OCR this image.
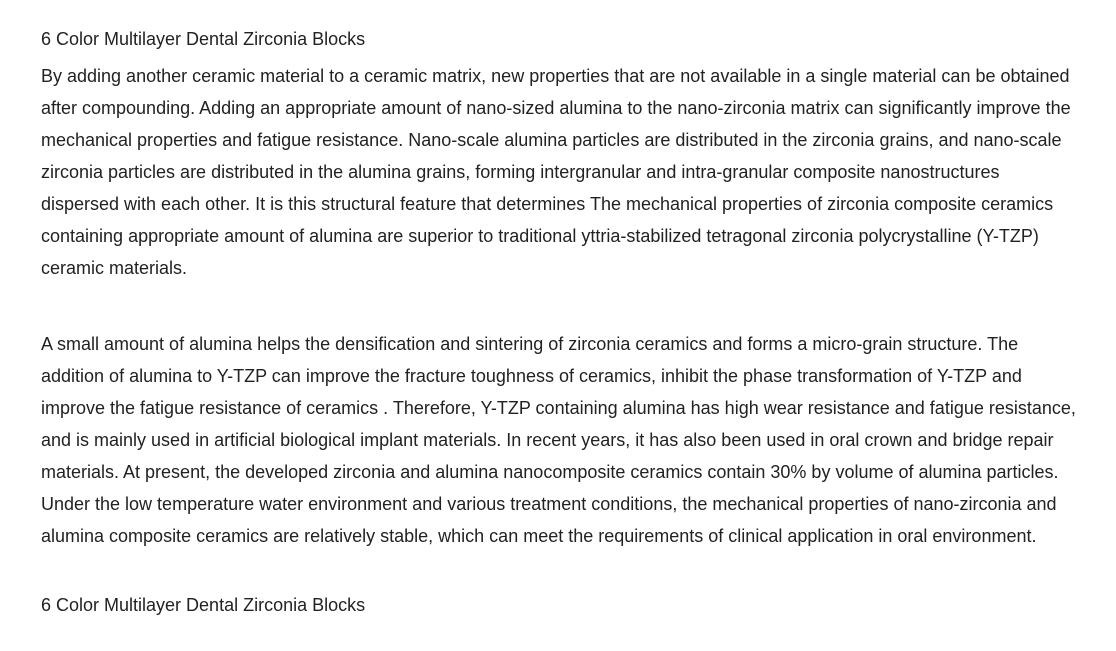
6 Color Multilayer Dental Zirconia Blocks

By adding another ceramic material to a ceramic matrix, new properties that are not available in a single material can be obtained after compounding. Adding an appropriate amount of nano-sized alumina to the nano-zirconia matrix can significantly improve the mechanical properties and fatigue resistance. Nano-scale alumina particles are distributed in the zirconia grains, and nano-scale zirconia particles are distributed in the alumina grains, forming intergranular and intra-granular composite nanostructures dispersed with each other. It is this structural feature that determines The mechanical properties of zirconia composite ceramics containing appropriate amount of alumina are superior to traditional yttria-stabilized tetragonal zirconia polycrystalline (Y-TZP) ceramic materials.

A small amount of alumina helps the densification and sintering of zirconia ceramics and forms a micro-grain structure. The addition of alumina to Y-TZP can improve the fracture toughness of ceramics, inhibit the phase transformation of Y-TZP and improve the fatigue resistance of ceramics . Therefore, Y-TZP containing alumina has high wear resistance and fatigue resistance, and is mainly used in artificial biological implant materials. In recent years, it has also been used in oral crown and bridge repair materials. At present, the developed zirconia and alumina nanocomposite ceramics contain 30% by volume of alumina particles. Under the low temperature water environment and various treatment conditions, the mechanical properties of nano-zirconia and alumina composite ceramics are relatively stable, which can meet the requirements of clinical application in oral environment.

6 Color Multilayer Dental Zirconia Blocks
